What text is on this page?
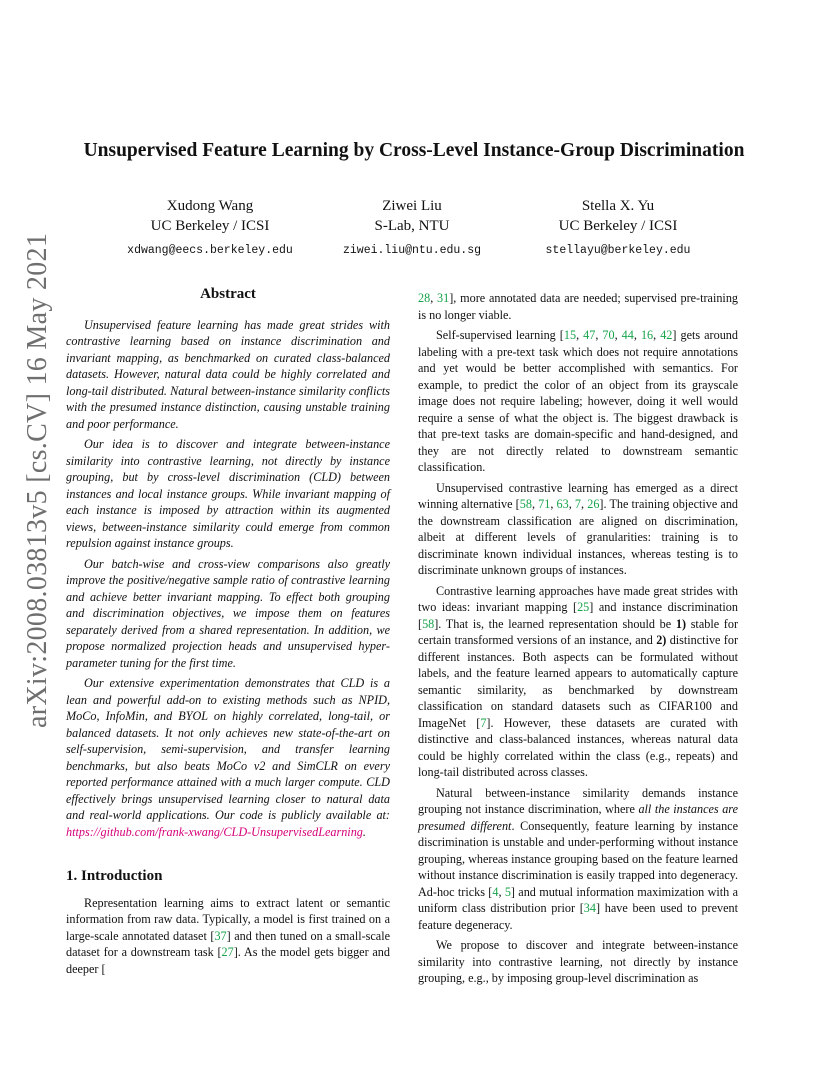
arXiv:2008.03813v5 [cs.CV] 16 May 2021
Unsupervised Feature Learning by Cross-Level Instance-Group Discrimination
Xudong Wang
UC Berkeley / ICSI
xdwang@eecs.berkeley.edu
Ziwei Liu
S-Lab, NTU
ziwei.liu@ntu.edu.sg
Stella X. Yu
UC Berkeley / ICSI
stellayu@berkeley.edu
Abstract

Unsupervised feature learning has made great strides with contrastive learning based on instance discrimination and invariant mapping, as benchmarked on curated class-balanced datasets. However, natural data could be highly correlated and long-tail distributed. Natural between-instance similarity conflicts with the presumed instance distinction, causing unstable training and poor performance.

Our idea is to discover and integrate between-instance similarity into contrastive learning, not directly by instance grouping, but by cross-level discrimination (CLD) between instances and local instance groups. While invariant mapping of each instance is imposed by attraction within its augmented views, between-instance similarity could emerge from common repulsion against instance groups.

Our batch-wise and cross-view comparisons also greatly improve the positive/negative sample ratio of contrastive learning and achieve better invariant mapping. To effect both grouping and discrimination objectives, we impose them on features separately derived from a shared representation. In addition, we propose normalized projection heads and unsupervised hyper-parameter tuning for the first time.

Our extensive experimentation demonstrates that CLD is a lean and powerful add-on to existing methods such as NPID, MoCo, InfoMin, and BYOL on highly correlated, long-tail, or balanced datasets. It not only achieves new state-of-the-art on self-supervision, semi-supervision, and transfer learning benchmarks, but also beats MoCo v2 and SimCLR on every reported performance attained with a much larger compute. CLD effectively brings unsupervised learning closer to natural data and real-world applications. Our code is publicly available at: https://github.com/frank-xwang/CLD-UnsupervisedLearning.

1. Introduction

Representation learning aims to extract latent or semantic information from raw data. Typically, a model is first trained on a large-scale annotated dataset [37] and then tuned on a small-scale dataset for a downstream task [27]. As the model gets bigger and deeper [

28, 31], more annotated data are needed; supervised pre-training is no longer viable.

Self-supervised learning [15, 47, 70, 44, 16, 42] gets around labeling with a pre-text task which does not require annotations and yet would be better accomplished with semantics. For example, to predict the color of an object from its grayscale image does not require labeling; however, doing it well would require a sense of what the object is. The biggest drawback is that pre-text tasks are domain-specific and hand-designed, and they are not directly related to downstream semantic classification.

Unsupervised contrastive learning has emerged as a direct winning alternative [58, 71, 63, 7, 26]. The training objective and the downstream classification are aligned on discrimination, albeit at different levels of granularities: training is to discriminate known individual instances, whereas testing is to discriminate unknown groups of instances.

Contrastive learning approaches have made great strides with two ideas: invariant mapping [25] and instance discrimination [58]. That is, the learned representation should be 1) stable for certain transformed versions of an instance, and 2) distinctive for different instances. Both aspects can be formulated without labels, and the feature learned appears to automatically capture semantic similarity, as benchmarked by downstream classification on standard datasets such as CIFAR100 and ImageNet [7]. However, these datasets are curated with distinctive and class-balanced instances, whereas natural data could be highly correlated within the class (e.g., repeats) and long-tail distributed across classes.

Natural between-instance similarity demands instance grouping not instance discrimination, where all the instances are presumed different. Consequently, feature learning by instance discrimination is unstable and under-performing without instance grouping, whereas instance grouping based on the feature learned without instance discrimination is easily trapped into degeneracy. Ad-hoc tricks [4, 5] and mutual information maximization with a uniform class distribution prior [34] have been used to prevent feature degeneracy.

We propose to discover and integrate between-instance similarity into contrastive learning, not directly by instance grouping, e.g., by imposing group-level discrimination as
